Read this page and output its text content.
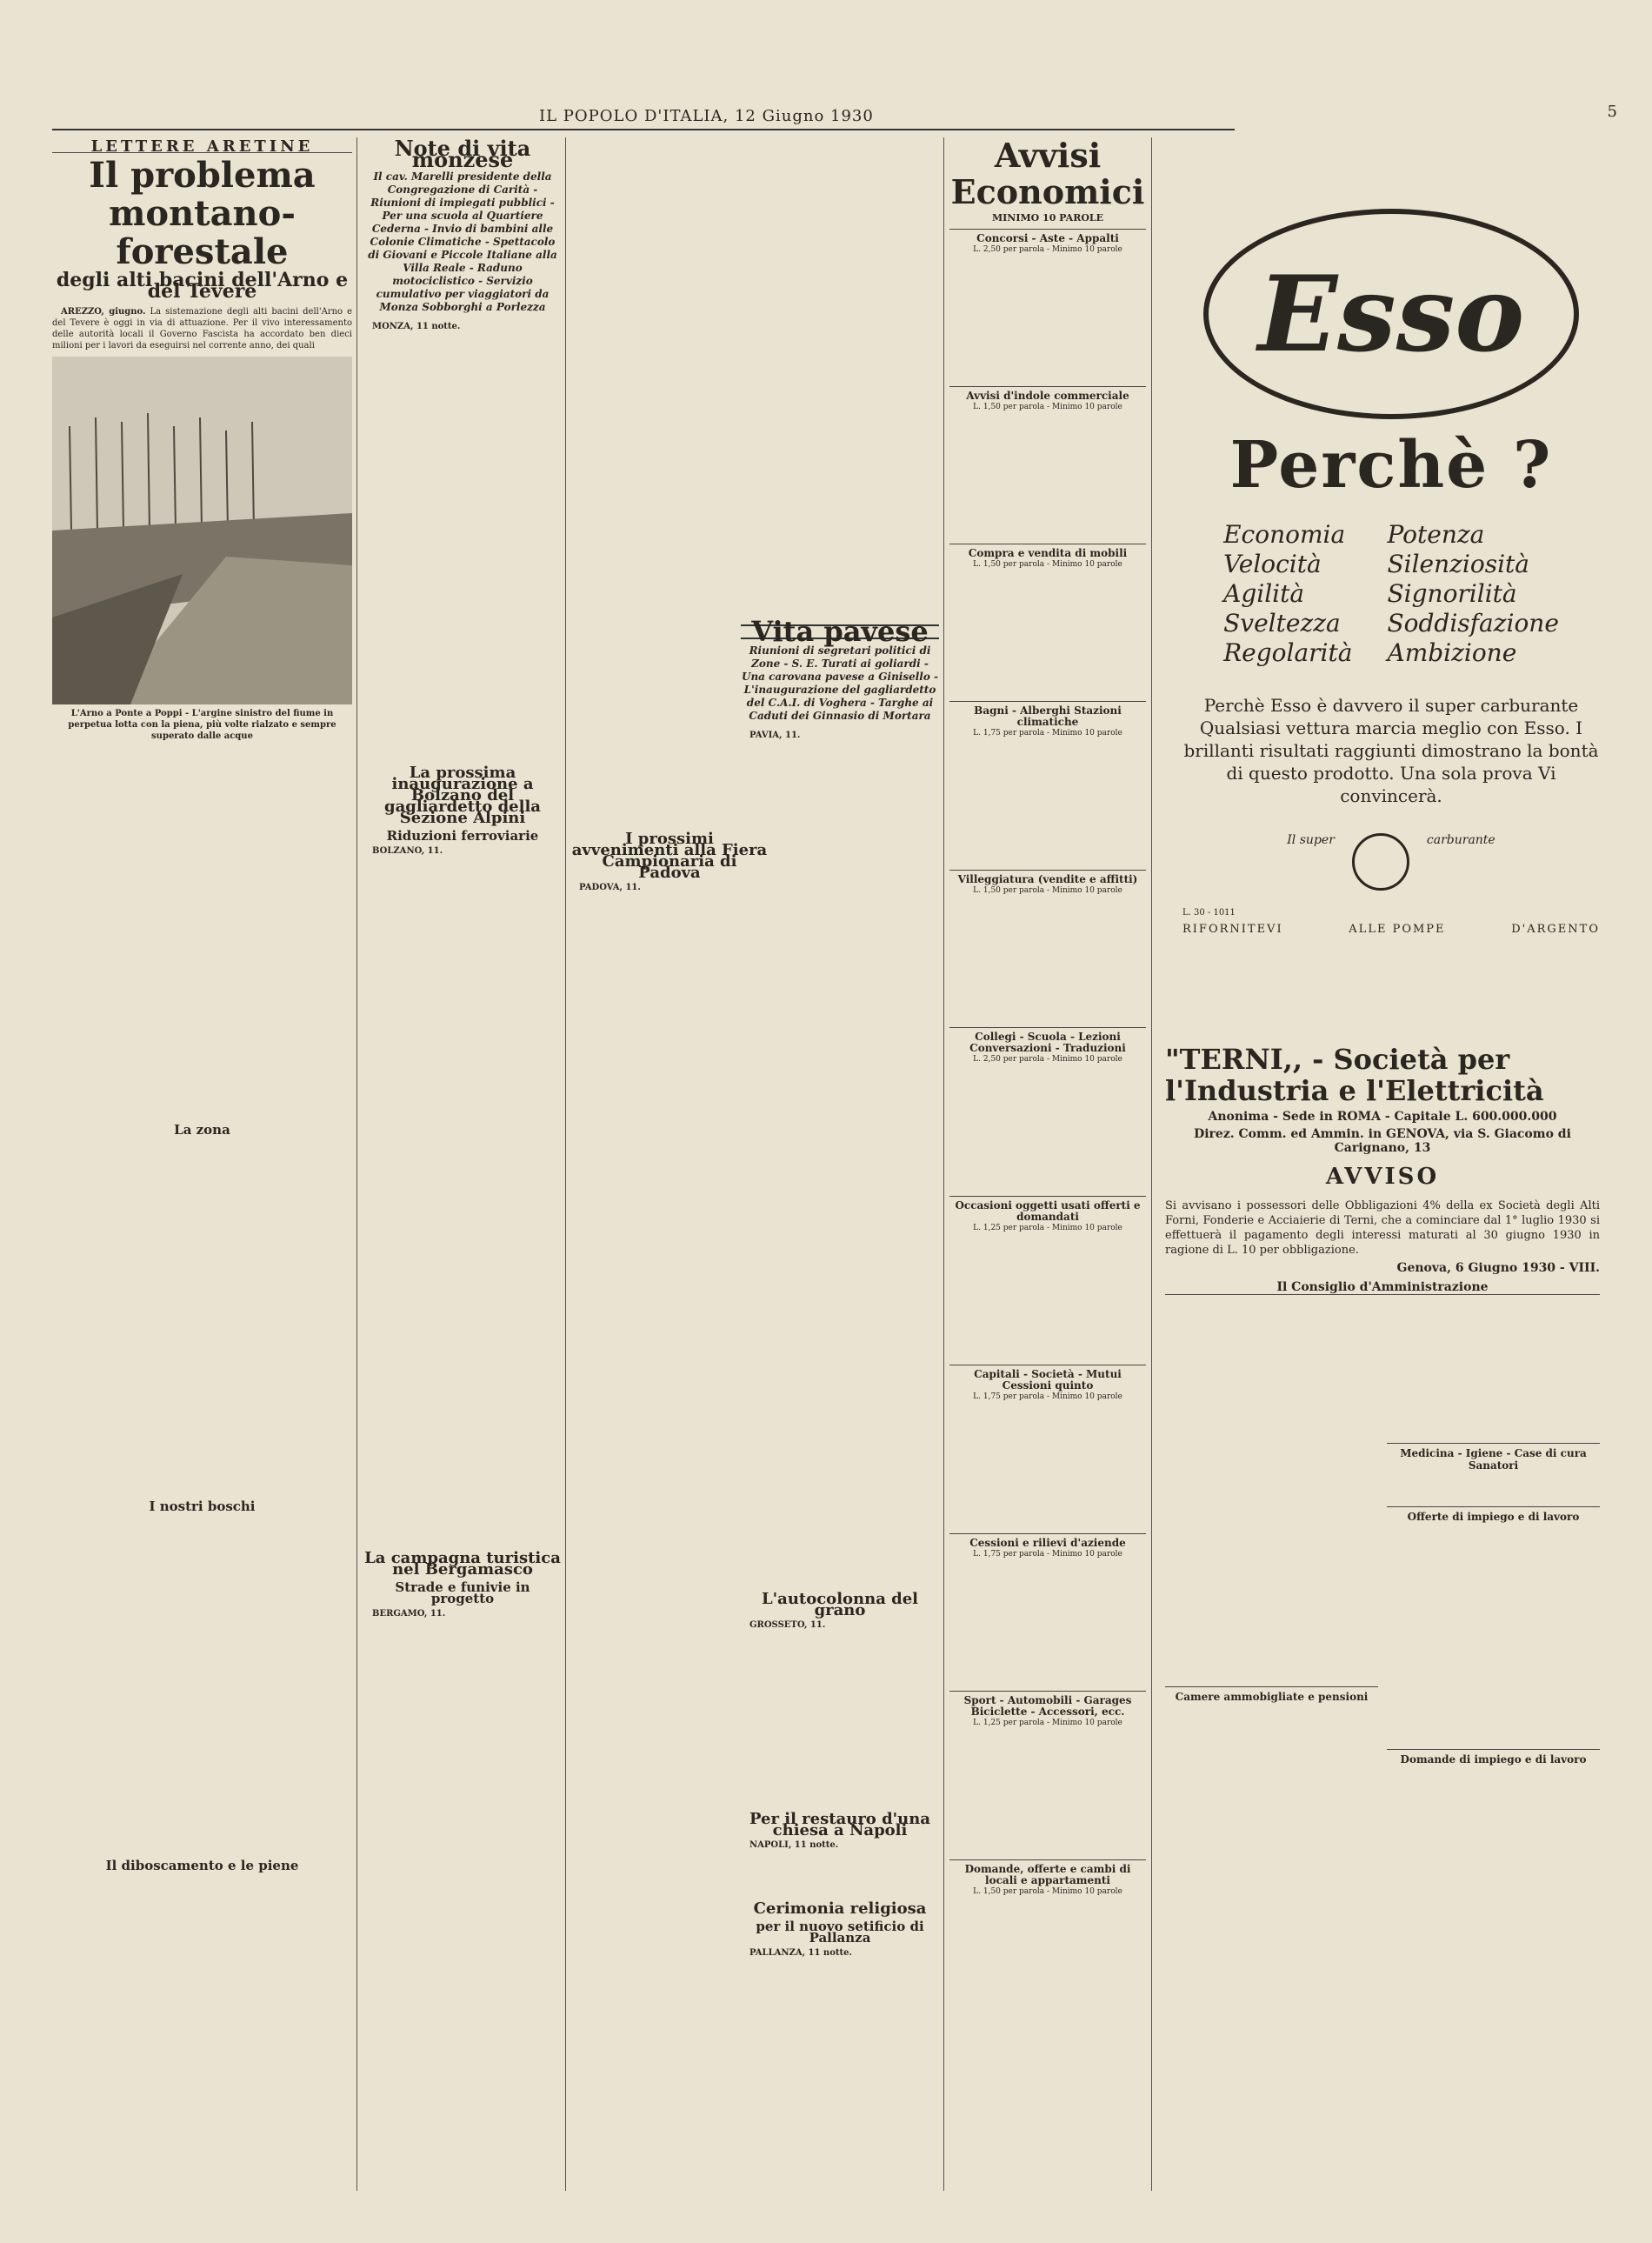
IL POPOLO D'ITALIA, 12 Giugno 1930	5
LETTERE ARETINE
Il problema montano-forestale
degli alti bacini dell'Arno e del Tevere

AREZZO, giugno. La sistemazione degli alti bacini dell'Arno e del Tevere è oggi in via di attuazione. Per il vivo interessamento delle autorità locali il Governo Fascista ha accordato ben dieci milioni per i lavori da eseguirsi nel corrente anno, dei quali

L'Arno a Ponte a Poppi - L'argine sinistro del fiume in perpetua lotta con la piena, più volte rialzato e sempre superato dalle acque

La zona
I nostri boschi
Il diboscamento e le piene
Note di vita monzese
Il cav. Marelli presidente della Congregazione di Carità - Riunioni di impiegati pubblici - Per una scuola al Quartiere Cederna - Invio di bambini alle Colonie Climatiche - Spettacolo di Giovani e Piccole Italiane alla Villa Reale - Raduno motociclistico - Servizio cumulativo per viaggiatori da Monza Sobborghi a Porlezza

MONZA, 11 notte.

La prossima inaugurazione a Bolzano del gagliardetto della Sezione Alpini
Riduzioni ferroviarie

BOLZANO, 11.

La campagna turistica nel Bergamasco
Strade e funivie in progetto

BERGAMO, 11.

I prossimi avvenimenti alla Fiera Campionaria di Padova

PADOVA, 11.

Vita pavese
Riunioni di segretari politici di Zone - S. E. Turati ai goliardi - Una carovana pavese a Ginisello - L'inaugurazione del gagliardetto del C.A.I. di Voghera - Targhe ai Caduti dei Ginnasio di Mortara

PAVIA, 11.

L'autocolonna del grano

GROSSETO, 11.

Per il restauro d'una chiesa a Napoli

NAPOLI, 11 notte.

Cerimonia religiosa
per il nuovo setificio di Pallanza

PALLANZA, 11 notte.

Avvisi Economici
MINIMO 10 PAROLE
Concorsi - Aste - Appalti
L. 2,50 per parola - Minimo 10 parole
Avvisi d'indole commerciale
L. 1,50 per parola - Minimo 10 parole
Compra e vendita di mobili
L. 1,50 per parola - Minimo 10 parole
Bagni - Alberghi Stazioni climatiche
L. 1,75 per parola - Minimo 10 parole
Villeggiatura (vendite e affitti)
L. 1,50 per parola - Minimo 10 parole
Collegi - Scuola - Lezioni Conversazioni - Traduzioni
L. 2,50 per parola - Minimo 10 parole
Occasioni oggetti usati offerti e domandati
L. 1,25 per parola - Minimo 10 parole
Capitali - Società - Mutui Cessioni quinto
L. 1,75 per parola - Minimo 10 parole
Cessioni e rilievi d'aziende
L. 1,75 per parola - Minimo 10 parole
Sport - Automobili - Garages Biciclette - Accessori, ecc.
L. 1,25 per parola - Minimo 10 parole
Domande, offerte e cambi di locali e appartamenti
L. 1,50 per parola - Minimo 10 parole
Esso
Perchè ?
Economia
Velocità
Agilità
Sveltezza
Regolarità
Potenza
Silenziosità
Signorilità
Soddisfazione
Ambizione
Perchè Esso è davvero il super carburante Qualsiasi vettura marcia meglio con Esso. I brillanti risultati raggiunti dimostrano la bontà di questo prodotto. Una sola prova Vi convincerà.
Il super	carburante
L. 30 - 1011
RIFORNITEVI	ALLE POMPE	D'ARGENTO
"TERNI,, - Società per l'Industria e l'Elettricità
Anonima - Sede in ROMA - Capitale L. 600.000.000
Direz. Comm. ed Ammin. in GENOVA, via S. Giacomo di Carignano, 13
AVVISO
Si avvisano i possessori delle Obbligazioni 4% della ex Società degli Alti Forni, Fonderie e Acciaierie di Terni, che a cominciare dal 1° luglio 1930 si effettuerà il pagamento degli interessi maturati al 30 giugno 1930 in ragione di L. 10 per obbligazione.
Genova, 6 Giugno 1930 - VIII.
Il Consiglio d'Amministrazione
Camere ammobigliate e pensioni
Medicina - Igiene - Case di cura Sanatori
Offerte di impiego e di lavoro
Domande di impiego e di lavoro
